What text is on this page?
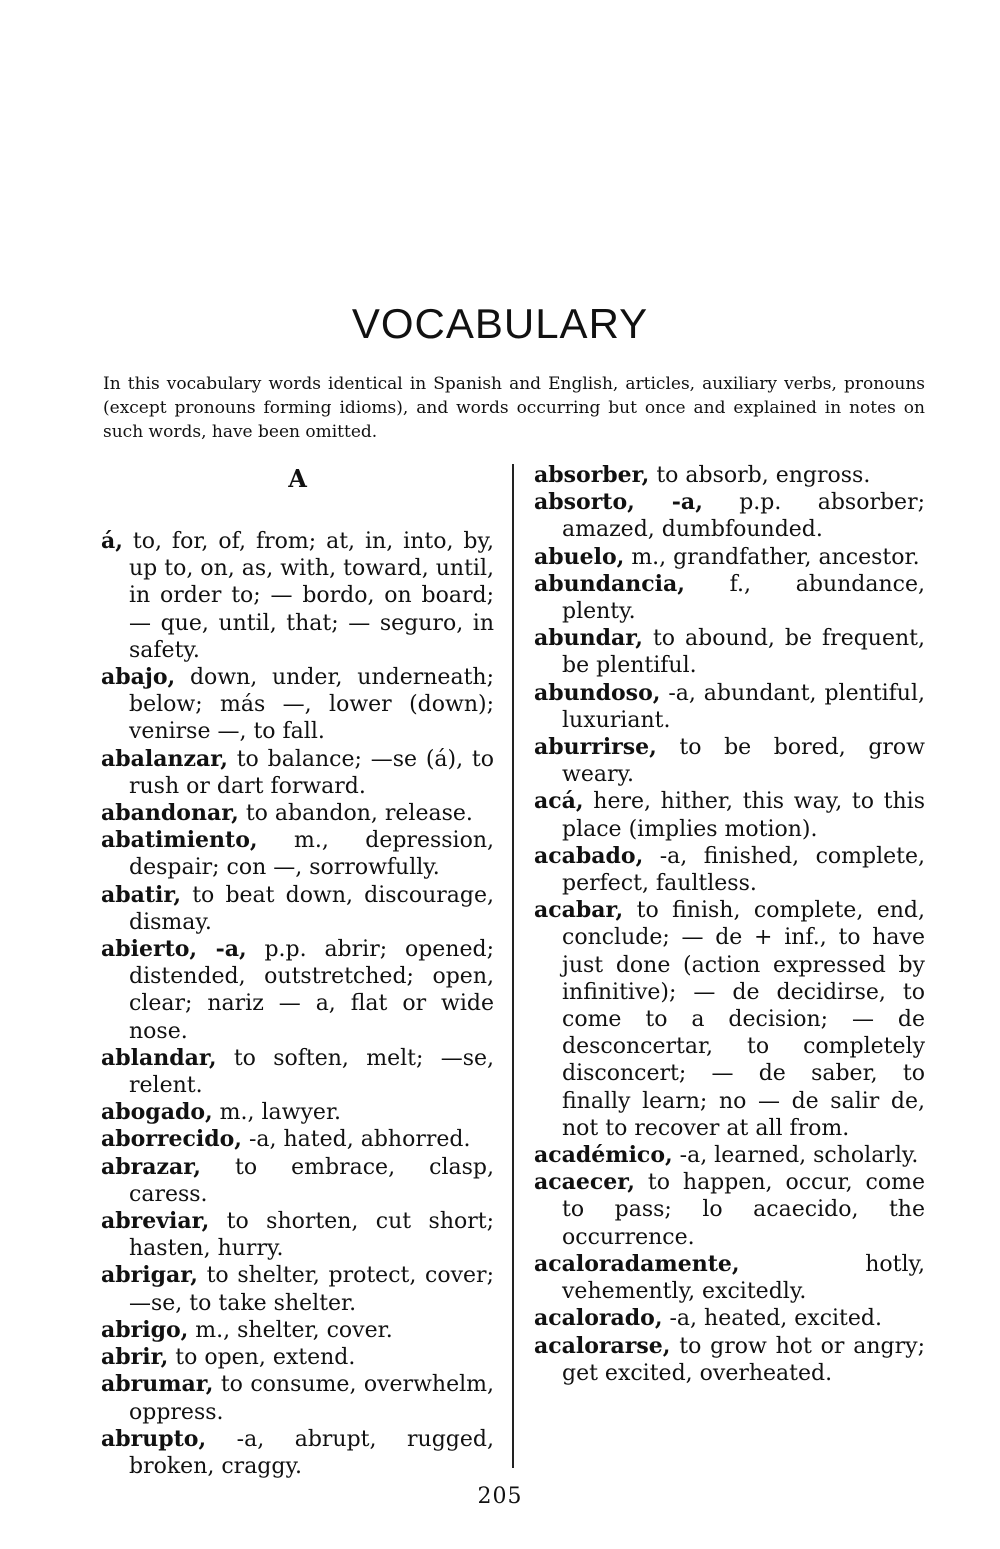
VOCABULARY
In this vocabulary words identical in Spanish and English, articles, auxiliary verbs, pronouns (except pronouns forming idioms), and words occurring but once and explained in notes on such words, have been omitted.
A

á, to, for, of, from; at, in, into, by, up to, on, as, with, toward, until, in order to; — bordo, on board; — que, until, that; — seguro, in safety.

abajo, down, under, underneath; below; más —, lower (down); venirse —, to fall.

abalanzar, to balance; —se (á), to rush or dart forward.

abandonar, to abandon, release.

abatimiento, m., depression, despair; con —, sorrowfully.

abatir, to beat down, discourage, dismay.

abierto, -a, p.p. abrir; opened; distended, outstretched; open, clear; nariz — a, flat or wide nose.

ablandar, to soften, melt; —se, relent.

abogado, m., lawyer.

aborrecido, -a, hated, abhorred.

abrazar, to embrace, clasp, caress.

abreviar, to shorten, cut short; hasten, hurry.

abrigar, to shelter, protect, cover; —se, to take shelter.

abrigo, m., shelter, cover.

abrir, to open, extend.

abrumar, to consume, overwhelm, oppress.

abrupto, -a, abrupt, rugged, broken, craggy.

absorber, to absorb, engross.

absorto, -a, p.p. absorber; amazed, dumbfounded.

abuelo, m., grandfather, ancestor.

abundancia, f., abundance, plenty.

abundar, to abound, be frequent, be plentiful.

abundoso, -a, abundant, plentiful, luxuriant.

aburrirse, to be bored, grow weary.

acá, here, hither, this way, to this place (implies motion).

acabado, -a, finished, complete, perfect, faultless.

acabar, to finish, complete, end, conclude; — de + inf., to have just done (action expressed by infinitive); — de decidirse, to come to a decision; — de desconcertar, to completely disconcert; — de saber, to finally learn; no — de salir de, not to recover at all from.

académico, -a, learned, scholarly.

acaecer, to happen, occur, come to pass; lo acaecido, the occurrence.

acaloradamente, hotly, vehemently, excitedly.

acalorado, -a, heated, excited.

acalorarse, to grow hot or angry; get excited, overheated.

205
